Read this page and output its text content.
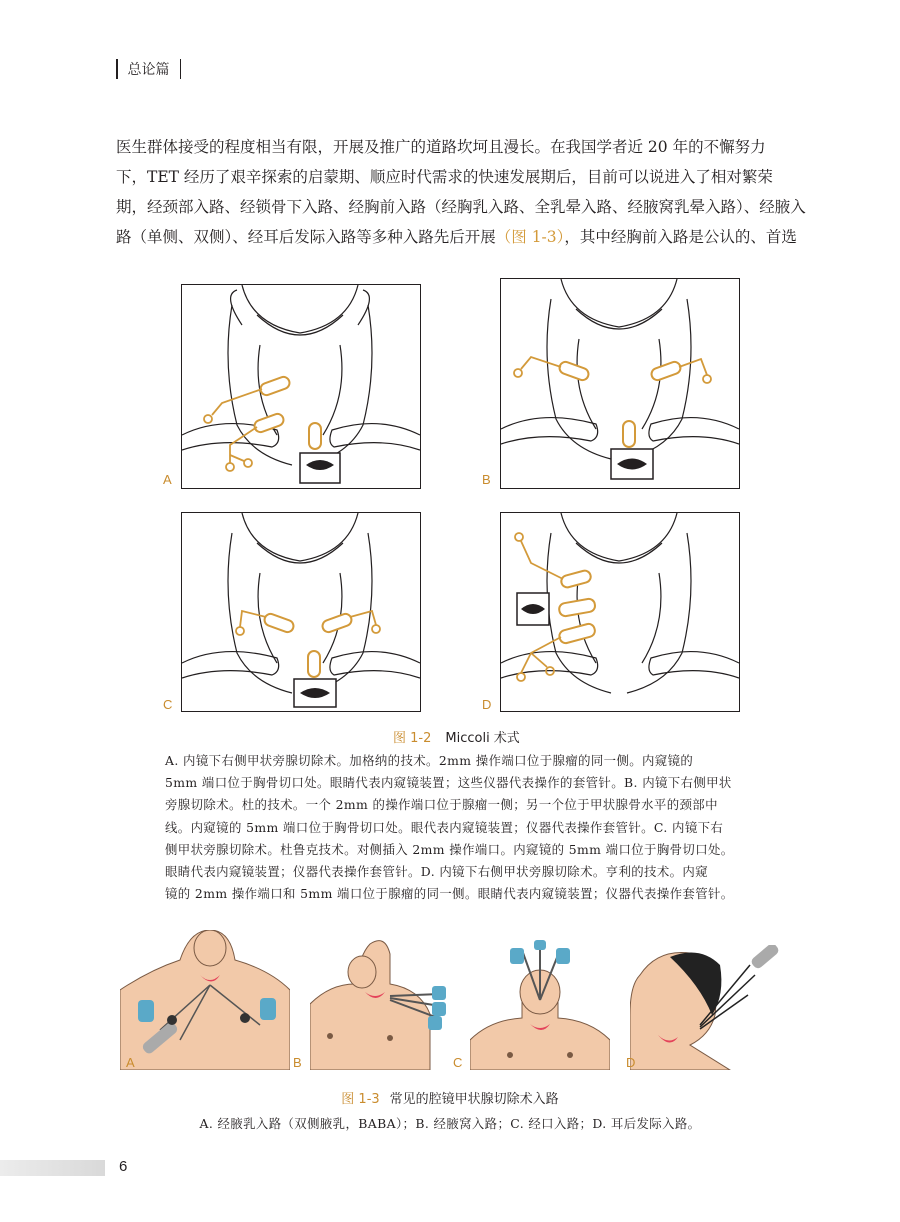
总论篇
医生群体接受的程度相当有限，开展及推广的道路坎坷且漫长。在我国学者近 20 年的不懈努力
下，TET 经历了艰辛探索的启蒙期、顺应时代需求的快速发展期后，目前可以说进入了相对繁荣
期，经颈部入路、经锁骨下入路、经胸前入路（经胸乳入路、全乳晕入路、经腋窝乳晕入路）、经腋入
路（单侧、双侧）、经耳后发际入路等多种入路先后开展（图 1-3），其中经胸前入路是公认的、首选
A	B
C	D
图 1-2 Miccoli 术式
A. 内镜下右侧甲状旁腺切除术。加格纳的技术。2mm 操作端口位于腺瘤的同一侧。内窥镜的
5mm 端口位于胸骨切口处。眼睛代表内窥镜装置；这些仪器代表操作的套管针。B. 内镜下右侧甲状
旁腺切除术。杜的技术。一个 2mm 的操作端口位于腺瘤一侧；另一个位于甲状腺骨水平的颈部中
线。内窥镜的 5mm 端口位于胸骨切口处。眼代表内窥镜装置；仪器代表操作套管针。C. 内镜下右
侧甲状旁腺切除术。杜鲁克技术。对侧插入 2mm 操作端口。内窥镜的 5mm 端口位于胸骨切口处。
眼睛代表内窥镜装置；仪器代表操作套管针。D. 内镜下右侧甲状旁腺切除术。亨利的技术。内窥
镜的 2mm 操作端口和 5mm 端口位于腺瘤的同一侧。眼睛代表内窥镜装置；仪器代表操作套管针。
A	B	C	D
图 1-3 常见的腔镜甲状腺切除术入路
A. 经腋乳入路（双侧腋乳，BABA）；B. 经腋窝入路；C. 经口入路；D. 耳后发际入路。
6
